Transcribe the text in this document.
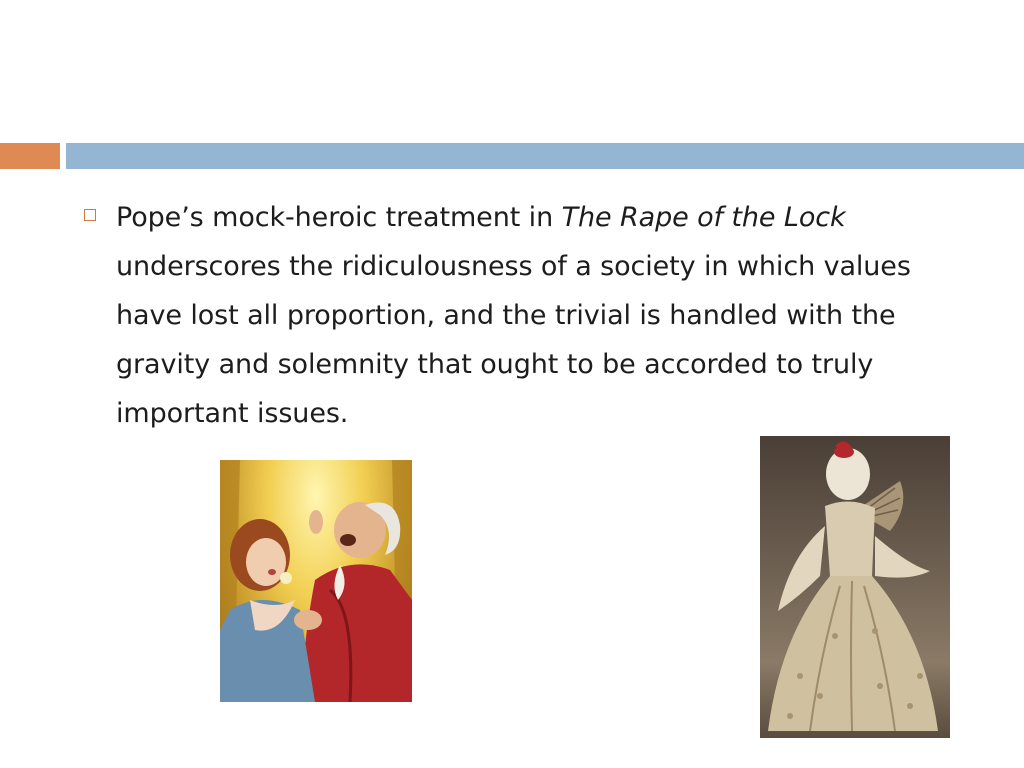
Pope’s mock-heroic treatment in The Rape of the Lock underscores the ridiculousness of a society in which values have lost all proportion, and the trivial is handled with the gravity and solemnity that ought to be accorded to truly important issues.
